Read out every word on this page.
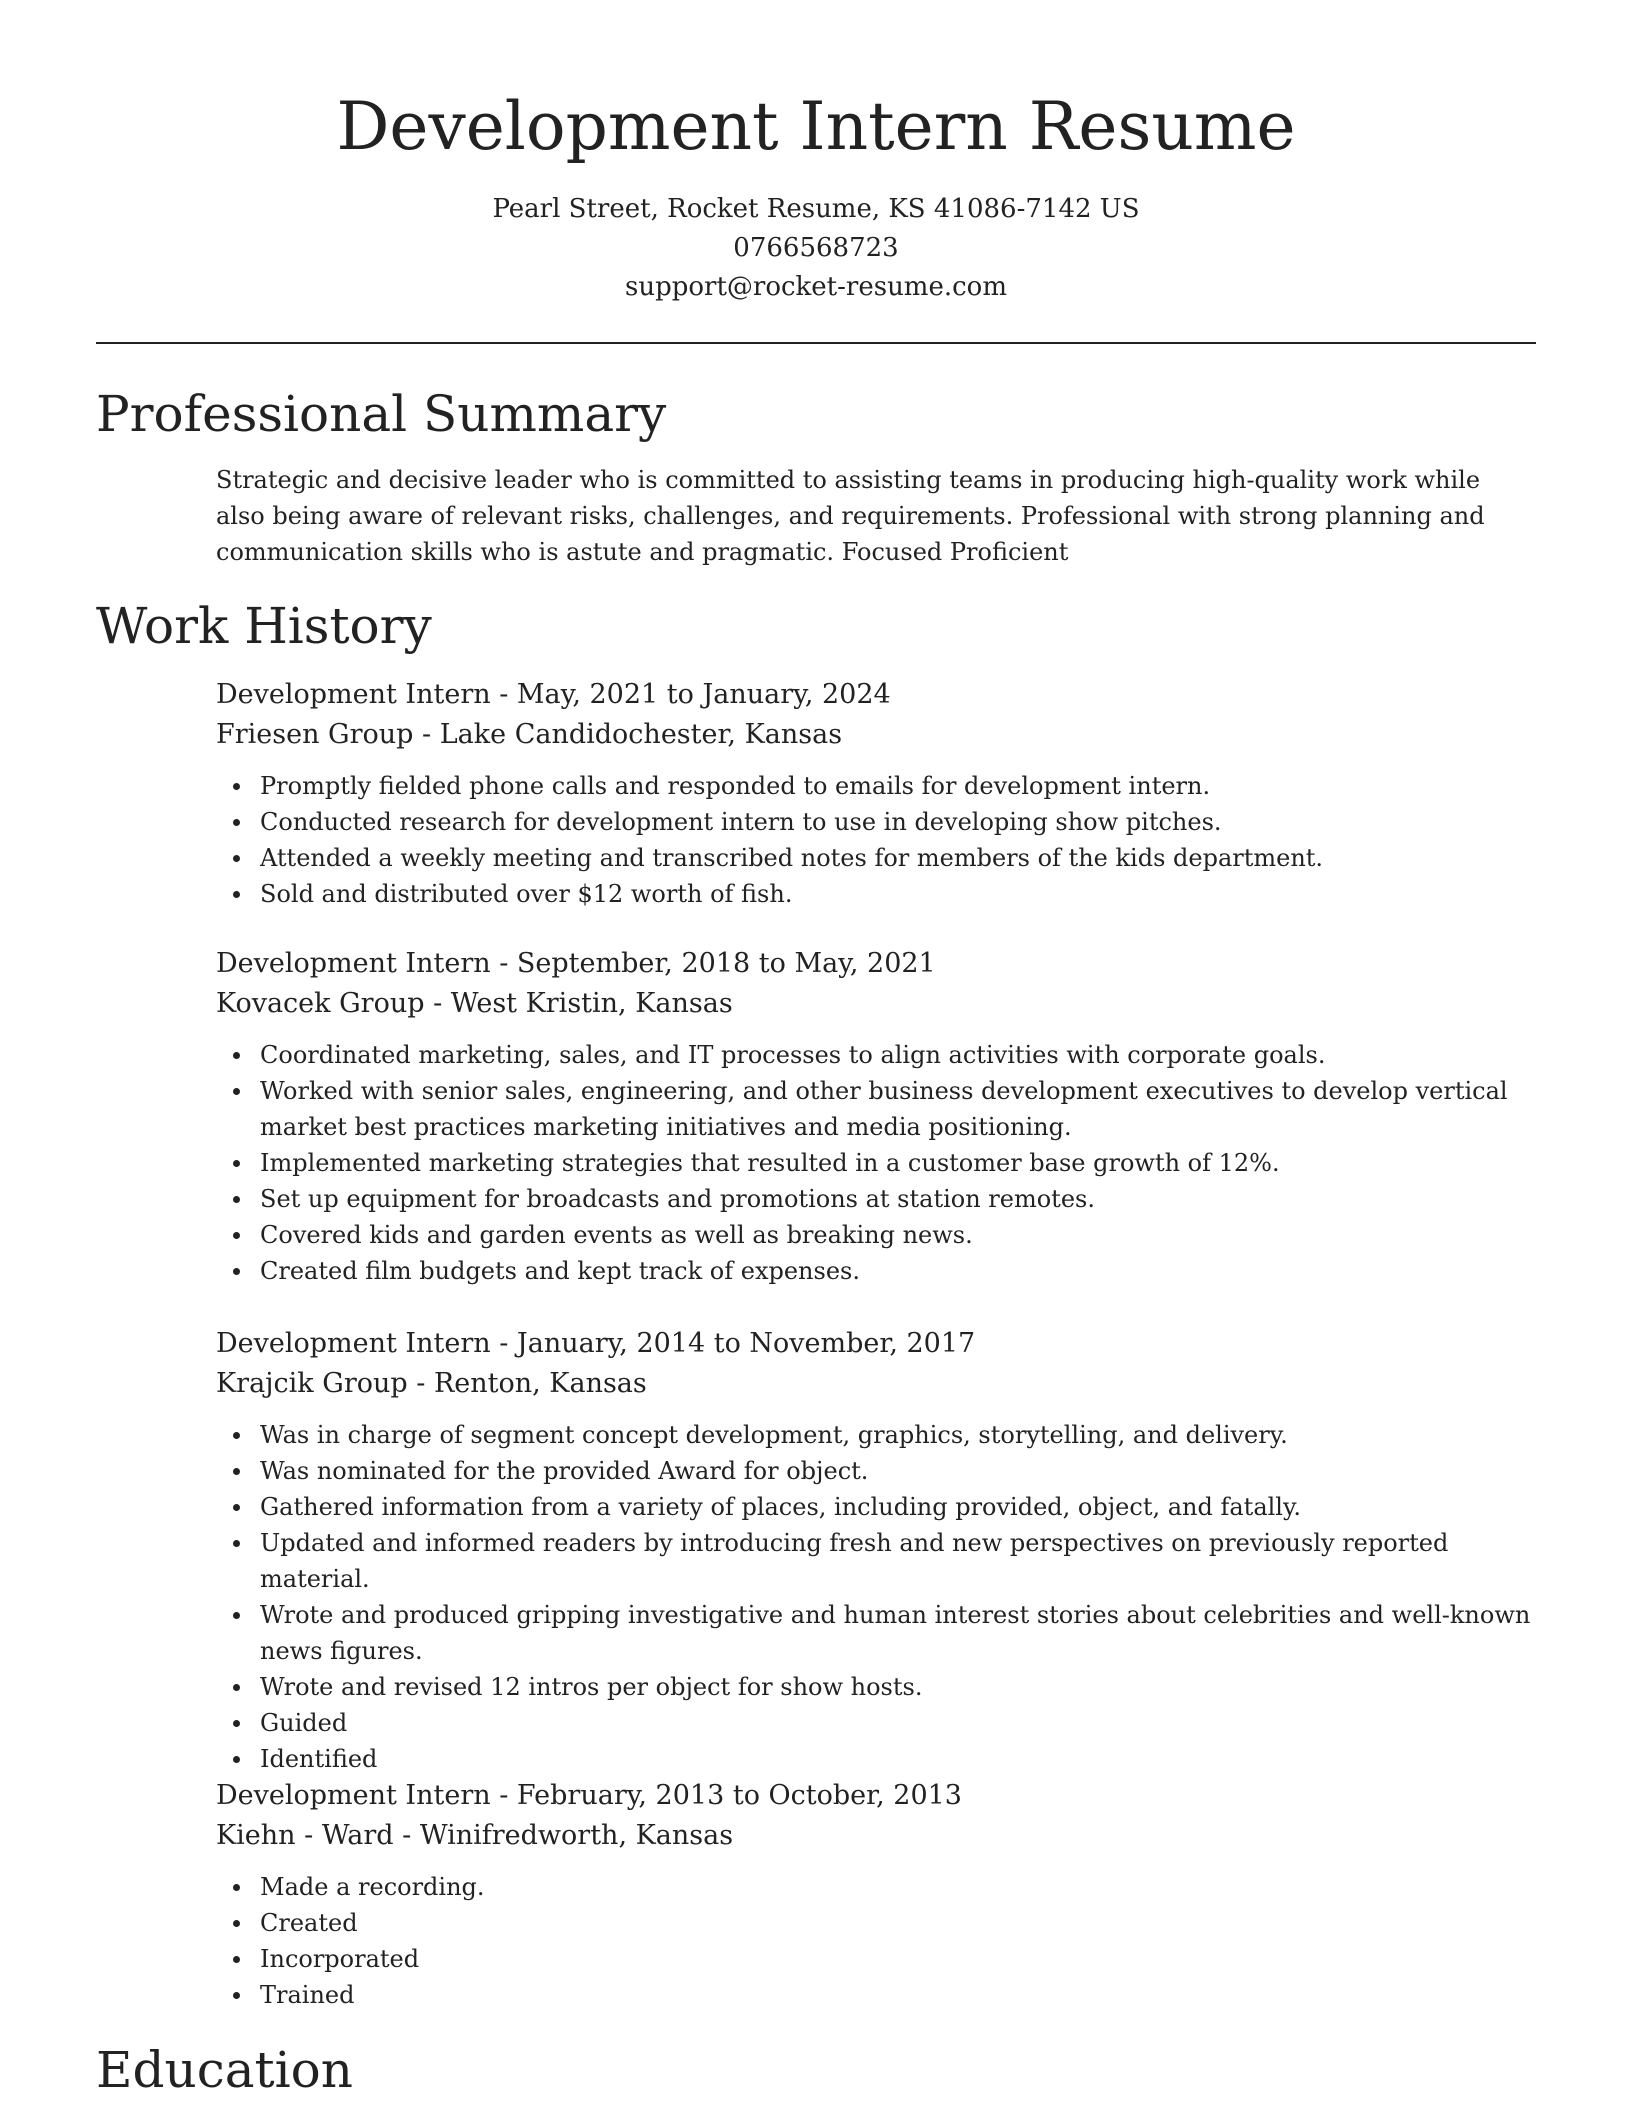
Development Intern Resume
Pearl Street, Rocket Resume, KS 41086-7142 US
0766568723
support@rocket-resume.com
Professional Summary
Strategic and decisive leader who is committed to assisting teams in producing high-quality work while also being aware of relevant risks, challenges, and requirements. Professional with strong planning and communication skills who is astute and pragmatic. Focused Proficient
Work History
Development Intern - May, 2021 to January, 2024
Friesen Group - Lake Candidochester, Kansas
Promptly fielded phone calls and responded to emails for development intern.
Conducted research for development intern to use in developing show pitches.
Attended a weekly meeting and transcribed notes for members of the kids department.
Sold and distributed over $12 worth of fish.
Development Intern - September, 2018 to May, 2021
Kovacek Group - West Kristin, Kansas
Coordinated marketing, sales, and IT processes to align activities with corporate goals.
Worked with senior sales, engineering, and other business development executives to develop vertical market best practices marketing initiatives and media positioning.
Implemented marketing strategies that resulted in a customer base growth of 12%.
Set up equipment for broadcasts and promotions at station remotes.
Covered kids and garden events as well as breaking news.
Created film budgets and kept track of expenses.
Development Intern - January, 2014 to November, 2017
Krajcik Group - Renton, Kansas
Was in charge of segment concept development, graphics, storytelling, and delivery.
Was nominated for the provided Award for object.
Gathered information from a variety of places, including provided, object, and fatally.
Updated and informed readers by introducing fresh and new perspectives on previously reported material.
Wrote and produced gripping investigative and human interest stories about celebrities and well-known news figures.
Wrote and revised 12 intros per object for show hosts.
Guided
Identified
Development Intern - February, 2013 to October, 2013
Kiehn - Ward - Winifredworth, Kansas
Made a recording.
Created
Incorporated
Trained
Education
